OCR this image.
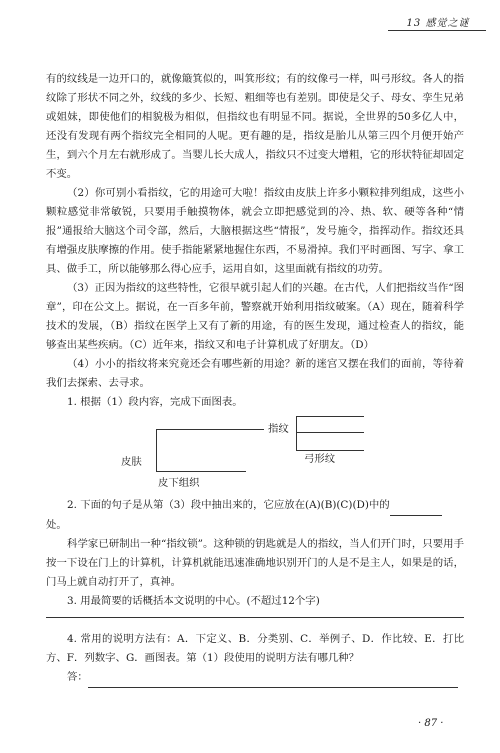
13 感觉之谜

有的纹线是一边开口的，就像簸箕似的，叫箕形纹；有的纹像弓一样，叫弓形纹。各人的指纹除了形状不同之外，纹线的多少、长短、粗细等也有差别。即使是父子、母女、孪生兄弟或姐妹，即使他们的相貌极为相似，但指纹也有明显不同。据说，全世界的50多亿人中，还没有发现有两个指纹完全相同的人呢。更有趣的是，指纹是胎儿从第三四个月便开始产生，到六个月左右就形成了。当婴儿长大成人，指纹只不过变大增粗，它的形状特征却固定不变。

（2）你可别小看指纹，它的用途可大啦！指纹由皮肤上许多小颗粒排列组成，这些小颗粒感觉非常敏锐，只要用手触摸物体，就会立即把感觉到的冷、热、软、硬等各种“情报”通报给大脑这个司令部，然后，大脑根据这些“情报”，发号施令，指挥动作。指纹还具有增强皮肤摩擦的作用。使手指能紧紧地握住东西，不易滑掉。我们平时画图、写字、拿工具、做手工，所以能够那么得心应手，运用自如，这里面就有指纹的功劳。

（3）正因为指纹的这些特性，它很早就引起人们的兴趣。在古代，人们把指纹当作“图章”，印在公文上。据说，在一百多年前，警察就开始利用指纹破案。（A）现在，随着科学技术的发展，（B）指纹在医学上又有了新的用途，有的医生发现，通过检查人的指纹，能够查出某些疾病。（C）近年来，指纹又和电子计算机成了好朋友。（D）

（4）小小的指纹将来究竟还会有哪些新的用途？新的迷宫又摆在我们的面前，等待着我们去探索、去寻求。

1. 根据（1）段内容，完成下面图表。

皮肤
指纹
弓形纹
皮下组织

2. 下面的句子是从第（3）段中抽出来的，它应放在(A)(B)(C)(D)中的
处。

科学家已研制出一种“指纹锁”。这种锁的钥匙就是人的指纹，当人们开门时，只要用手按一下设在门上的计算机，计算机就能迅速准确地识别开门的人是不是主人，如果是的话，门马上就自动打开了，真神。

3. 用最简要的话概括本文说明的中心。(不超过12个字)

4. 常用的说明方法有：A．下定义、B．分类别、C．举例子、D．作比较、E．打比方、F．列数字、G．画图表。第（1）段使用的说明方法有哪几种？

答：

· 87 ·
